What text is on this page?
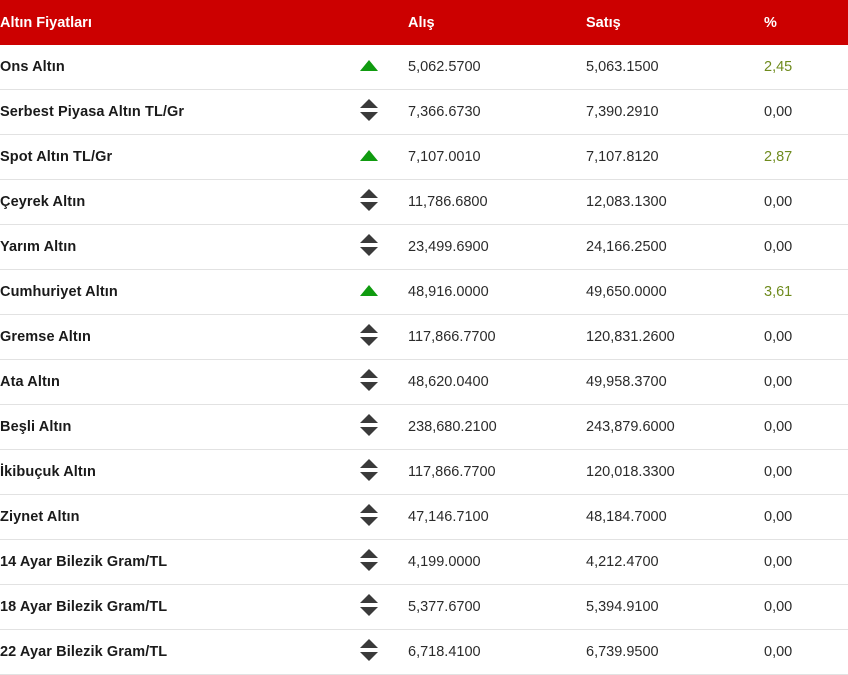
Altın Fiyatları		Alış	Satış	%
Ons Altın		5,062.5700	5,063.1500	2,45
Serbest Piyasa Altın TL/Gr		7,366.6730	7,390.2910	0,00
Spot Altın TL/Gr		7,107.0010	7,107.8120	2,87
Çeyrek Altın		11,786.6800	12,083.1300	0,00
Yarım Altın		23,499.6900	24,166.2500	0,00
Cumhuriyet Altın		48,916.0000	49,650.0000	3,61
Gremse Altın		117,866.7700	120,831.2600	0,00
Ata Altın		48,620.0400	49,958.3700	0,00
Beşli Altın		238,680.2100	243,879.6000	0,00
İkibuçuk Altın		117,866.7700	120,018.3300	0,00
Ziynet Altın		47,146.7100	48,184.7000	0,00
14 Ayar Bilezik Gram/TL		4,199.0000	4,212.4700	0,00
18 Ayar Bilezik Gram/TL		5,377.6700	5,394.9100	0,00
22 Ayar Bilezik Gram/TL		6,718.4100	6,739.9500	0,00
